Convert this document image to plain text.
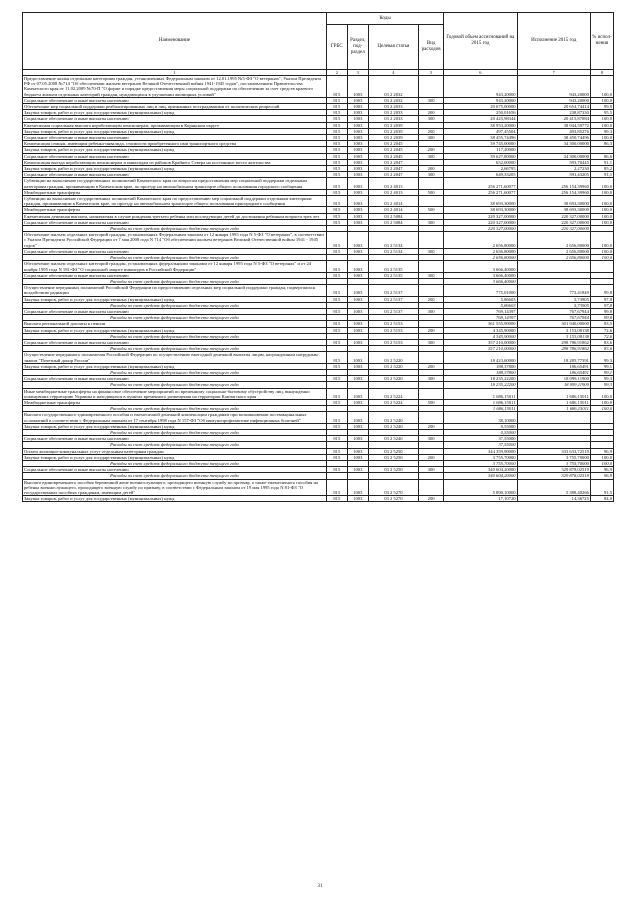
Наименование	Коды				Годовой объем ассигнований на 2015 год	Исполнение 2015 год	% испол-нения
	ГРБС	Раздел, под-раздел	Целевая статья	Вид расходов			
1	2	3	4	5	6	7	8
Предоставление жилья отдельным категориям граждан, установленных Федеральным законом от 12.01.1995 №5-ФЗ "О ветеранах", Указом Президента РФ от 07.05.2008 №714 "Об обеспечении жильем ветеранов Великой Отечественной войны 1941-1945 годов", постановлением Правительства Камчатского края от 11.02.2009 №70-П "О форме и порядке предоставления меры социальной поддержки по обеспечению за счет средств краевого бюджета жильем отдельных категорий граждан, нуждающихся в улучшении жилищных условий"	815	1003	03 2 2032		943,20000	943,20000	100,0
Социальное обеспечение и иные выплаты населению	815	1003	03 2 2032	300	943,20000	943,20000	100,0
Обеспечение мер социальной поддержки реабилитированных лиц и лиц, признанных пострадавшими от политических репрессий	815	1003	03 2 2033		20 675,00000	20 654,74414	99,9
Закупка товаров, работ и услуг для государственных (муниципальных) нужд	815	1003	03 2 2033	200	250,01656	238,87330	95,5
Социальное обеспечение и иные выплаты населению	815	1003	03 2 2033	300	20 425,98344	20 415,87084	100,0
Ежемесячная социальная выплата неработающим пенсионерам, проживающим в Корякском округе	815	1003	03 2 2039		38 953,20000	38 944,59772	100,0
Закупка товаров, работ и услуг для государственных (муниципальных) нужд	815	1003	03 2 2039	200	497,45504	493,85276	99,3
Социальное обеспечение и иные выплаты населению	815	1003	03 2 2039	300	38 455,74496	38 450,74496	100,0
Компенсация семьям, имеющим ребенка-инвалида, стоимости приобретенного ими транспортного средства	815	1003	03 2 2045		39 745,00000	34 300,00000	86,3
Закупка товаров, работ и услуг для государственных (муниципальных) нужд	815	1003	03 2 2045	200	117,20000		
Социальное обеспечение и иные выплаты населению	815	1003	03 2 2045	300	39 627,80000	34 300,00000	86,6
Компенсация выезда неработающим пенсионерам и инвалидам из районов Крайнего Севера на постоянное место жительства	815	1003	03 2 2047		652,00000	593,70445	91,1
Закупка товаров, работ и услуг для государственных (муниципальных) нужд	815	1003	03 2 2047	200	2,66795	2,27230	85,2
Социальное обеспечение и иные выплаты населению	815	1003	03 2 2047	300	649,33205	591,43205	91,1
Субвенции на выполнение государственных полномочий Камчатского края по вопросам предоставления мер социальной поддержки отдельным категориям граждан, проживающим в Камчатском крае, по проезду на автомобильном транспорте общего пользования городского сообщения	815	1003	03 2 4013		256 271,60077	256 154,39960	100,0
Межбюджетные трансферты	815	1003	03 2 4013	500	256 271,60077	256 154,39960	100,0
Субвенции на выполнение государственных полномочий Камчатского края по предоставлению мер социальной поддержки отдельным категориям граждан, проживающим в Камчатском крае, по проезду на автомобильном транспорте общего пользования пригородного сообщения	815	1003	03 2 4014		38 693,30000	38 693,30000	100,0
Межбюджетные трансферты	815	1003	03 2 4014	500	38 693,30000	38 693,30000	100,0
Ежемесячная денежная выплата, назначаемая в случае рождения третьего ребенка или последующих детей до достижения ребенком возраста трех лет	815	1003	03 2 5084		220 327,00000	220 327,00000	100,0
Социальное обеспечение и иные выплаты населению	815	1003	03 2 5084	300	220 327,00000	220 327,00000	100,0
Расходы за счет средств федерального бюджета текущего года					220 327,00000	220 327,00000	
Обеспечение жильем отдельных категорий граждан, установленных Федеральным законом от 12 января 1995 года N 5-ФЗ "О ветеранах", в соответствии с Указом Президента Российской Федерации от 7 мая 2008 года N 714 "Об обеспечении жильем ветеранов Великой Отечественной войны 1941 - 1945 годов"	815	1003	03 2 5134		2 656,80000	2 656,80000	100,0
Социальное обеспечение и иные выплаты населению	815	1003	03 2 5134	300	2 656,80000	2 656,80000	100,0
Расходы за счет средств федерального бюджета текущего года					2 656,80000	2 656,80000	100,0
Обеспечение жильем отдельных категорий граждан, установленных федеральными законами от 12 января 1995 года N 5-ФЗ "О ветеранах" и от 24 ноября 1995 года N 181-ФЗ "О социальной защите инвалидов в Российской Федерации"	815	1003	03 2 5135		3 666,40000		
Социальное обеспечение и иные выплаты населению	815	1003	03 2 5135	300	3 666,40000		
Расходы за счет средств федерального бюджета текущего года					3 666,40000		
Осуществление переданных полномочий Российской Федерации по предоставлению отдельных мер социальной поддержки граждан, подвергшихся воздействию радиации	815	1003	03 2 5137		775,01000	773,41849	99,8
Закупка товаров, работ и услуг для государственных (муниципальных) нужд	815	1003	03 2 5137	200	5,86603	5,73905	97,8
Расходы за счет средств федерального бюджета текущего года					5,86603	5,73905	97,8
Социальное обеспечение и иные выплаты населению	815	1003	03 2 5137	300	769,14397	767,67944	99,8
Расходы за счет средств федерального бюджета текущего года					769,14397	767,67944	99,8
Выплата региональной доплаты к пенсии	815	1003	03 2 5153		361 555,90000	301 940,00000	83,5
Закупка товаров, работ и услуг для государственных (муниципальных) нужд	815	1003	03 2 5153	200	4 345,90000	3 153,08138	72,6
Расходы за счет средств федерального бюджета текущего года					4 345,90000	3 153,08138	72,6
Социальное обеспечение и иные выплаты населению	815	1003	03 2 5153	300	357 210,00000	298 786,91862	83,6
Расходы за счет средств федерального бюджета текущего года					357 210,00000	298 786,91862	83,6
Осуществление переданного полномочия Российской Федерации по осуществлению ежегодной денежной выплаты лицам, награжденным нагрудным знаком "Почетный донор России"	815	1003	03 2 5220		18 423,60000	18 285,77391	99,3
Закупка товаров, работ и услуг для государственных (муниципальных) нужд	815	1003	03 2 5220	200	188,37800	186,65491	99,1
Расходы за счет средств федерального бюджета текущего года					188,37800	186,65491	99,1
Социальное обеспечение и иные выплаты населению	815	1003	03 2 5220	300	18 235,22200	18 099,11900	99,3
Расходы за счет средств федерального бюджета текущего года					18 235,22200	18 099,11900	99,3
Иные межбюджетные трансферты на финансовое обеспечение мероприятий по временному социально-бытовому обустройству лиц, вынужденно покинувших территорию Украины и находящихся в пунктах временного размещения на территории Камчатского края	815	1003	03 2 5224		1 686,15011	1 686,15011	100,0
Межбюджетные трансферты	815	1003	03 2 5224	500	1 686,15011	1 686,15011	100,0
Расходы за счет средств федерального бюджета текущего года					1 686,15011	1 686,15011	100,0
Выплата государственного единовременного пособия и ежемесячной денежной компенсации гражданам при возникновении поствакцинальных осложнений в соответствии с Федеральным законом от 17 сентября 1998 года N 157-ФЗ "Об иммунопрофилактике инфекционных болезней"	815	1003	03 2 5240		38,10000		
Закупка товаров, работ и услуг для государственных (муниципальных) нужд	815	1003	03 2 5240	200	0,55000		
Расходы за счет средств федерального бюджета текущего года					0,55000		
Социальное обеспечение и иные выплаты населению	815	1003	03 2 5240	300	37,55000		
Расходы за счет средств федерального бюджета текущего года					37,55000		
Оплата жилищно-коммунальных услуг отдельным категориям граждан	815	1003	03 2 5250		344 359,90000	333 633,72519	96,9
Закупка товаров, работ и услуг для государственных (муниципальных) нужд	815	1003	03 2 5250	200	3 755,70000	3 755,70000	100,0
Расходы за счет средств федерального бюджета текущего года					3 755,70000	3 755,70000	100,0
Социальное обеспечение и иные выплаты населению	815	1003	03 2 5250	300	340 604,20000	329 878,02519	96,9
Расходы за счет средств федерального бюджета текущего года					340 604,20000	329 878,02519	96,9
Выплата единовременного пособия беременной жене военнослужащего, проходящего военную службу по призыву, а также ежемесячного пособия на ребенка военнослужащего, проходящего военную службу по призыву, в соответствии с Федеральным законом от 19 мая 1995 года N 81-ФЗ "О государственных пособиях гражданам, имеющим детей"	815	1003	03 2 5270		5 890,10000	5 388,40266	91,5
Закупка товаров, работ и услуг для государственных (муниципальных) нужд	815	1003	03 2 5270	200	17,10720	14,36725	84,0
31
